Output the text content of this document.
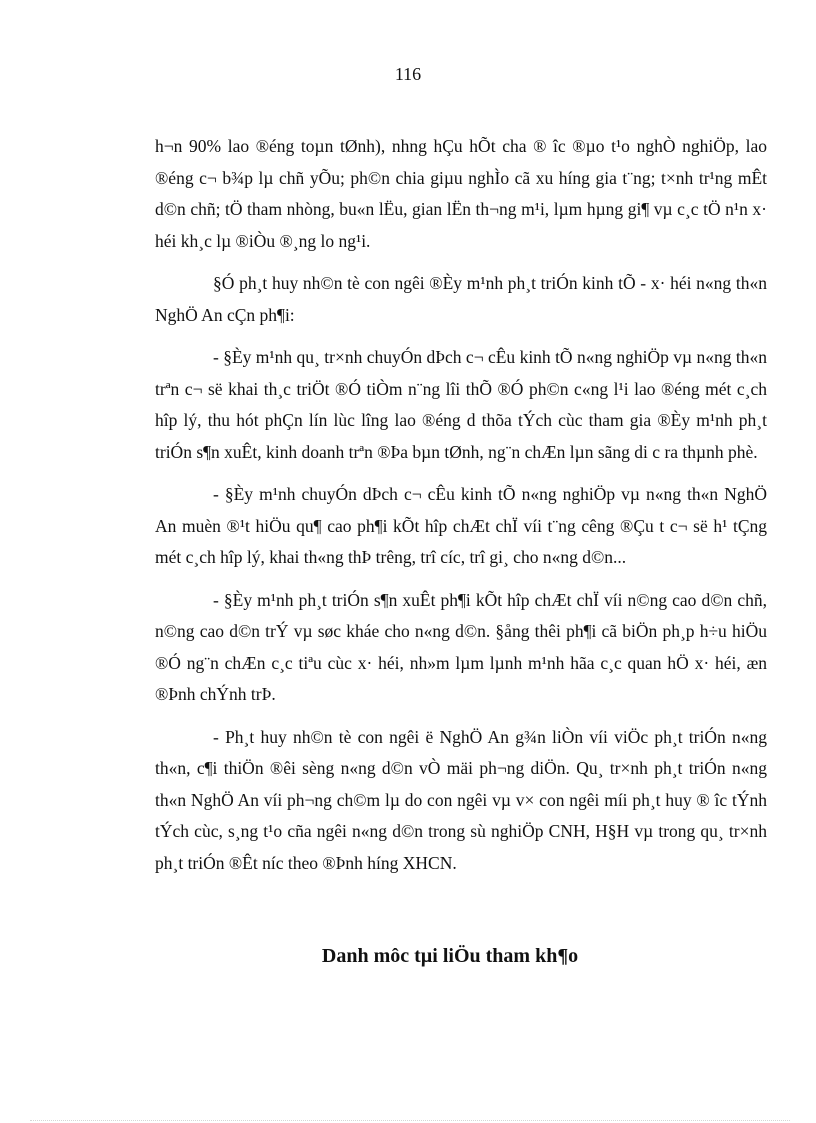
116

h¬n 90% lao ®éng toµn tØnh), nhng hÇu hÕt cha ® îc ®µo t¹o nghÒ nghiÖp, lao ®éng c¬ b¾p lµ chñ yÕu; ph©n chia giµu nghÌo cã xu híng gia t¨ng; t×nh tr¹ng mÊt d©n chñ; tÖ tham nhòng, bu«n lËu, gian lËn th¬ng m¹i, lµm hµng gi¶ vµ c¸c tÖ n¹n x· héi kh¸c lµ ®iÒu ®¸ng lo ng¹i.

§Ó ph¸t huy nh©n tè con ngêi ®Èy m¹nh ph¸t triÓn kinh tÕ - x· héi n«ng th«n NghÖ An cÇn ph¶i:

- §Èy m¹nh qu¸ tr×nh chuyÓn dÞch c¬ cÊu kinh tÕ n«ng nghiÖp vµ n«ng th«n trªn c¬ së khai th¸c triÖt ®Ó tiÒm n¨ng lîi thÕ ®Ó ph©n c«ng l¹i lao ®éng mét c¸ch hîp lý, thu hót phÇn lín lùc lîng lao ®éng d thõa tÝch cùc tham gia ®Èy m¹nh ph¸t triÓn s¶n xuÊt, kinh doanh trªn ®Þa bµn tØnh, ng¨n chÆn lµn sãng di c ra thµnh phè.

- §Èy m¹nh chuyÓn dÞch c¬ cÊu kinh tÕ n«ng nghiÖp vµ n«ng th«n NghÖ An muèn ®¹t hiÖu qu¶ cao ph¶i kÕt hîp chÆt chÏ víi t¨ng cêng ®Çu t c¬ së h¹ tÇng mét c¸ch hîp lý, khai th«ng thÞ trêng, trî cíc, trî gi¸ cho n«ng d©n...

- §Èy m¹nh ph¸t triÓn s¶n xuÊt ph¶i kÕt hîp chÆt chÏ víi n©ng cao d©n chñ, n©ng cao d©n trÝ vµ søc kháe cho n«ng d©n. §ång thêi ph¶i cã biÖn ph¸p h÷u hiÖu ®Ó ng¨n chÆn c¸c tiªu cùc x· héi, nh»m lµm lµnh m¹nh hãa c¸c quan hÖ x· héi, æn ®Þnh chÝnh trÞ.

- Ph¸t huy nh©n tè con ngêi ë NghÖ An g¾n liÒn víi viÖc ph¸t triÓn n«ng th«n, c¶i thiÖn ®êi sèng n«ng d©n vÒ mäi ph¬ng diÖn. Qu¸ tr×nh ph¸t triÓn n«ng th«n NghÖ An víi ph¬ng ch©m lµ do con ngêi vµ v× con ngêi míi ph¸t huy ® îc tÝnh tÝch cùc, s¸ng t¹o cña ngêi n«ng d©n trong sù nghiÖp CNH, H§H vµ trong qu¸ tr×nh ph¸t triÓn ®Êt níc theo ®Þnh híng XHCN.

Danh môc tµi liÖu tham kh¶o
